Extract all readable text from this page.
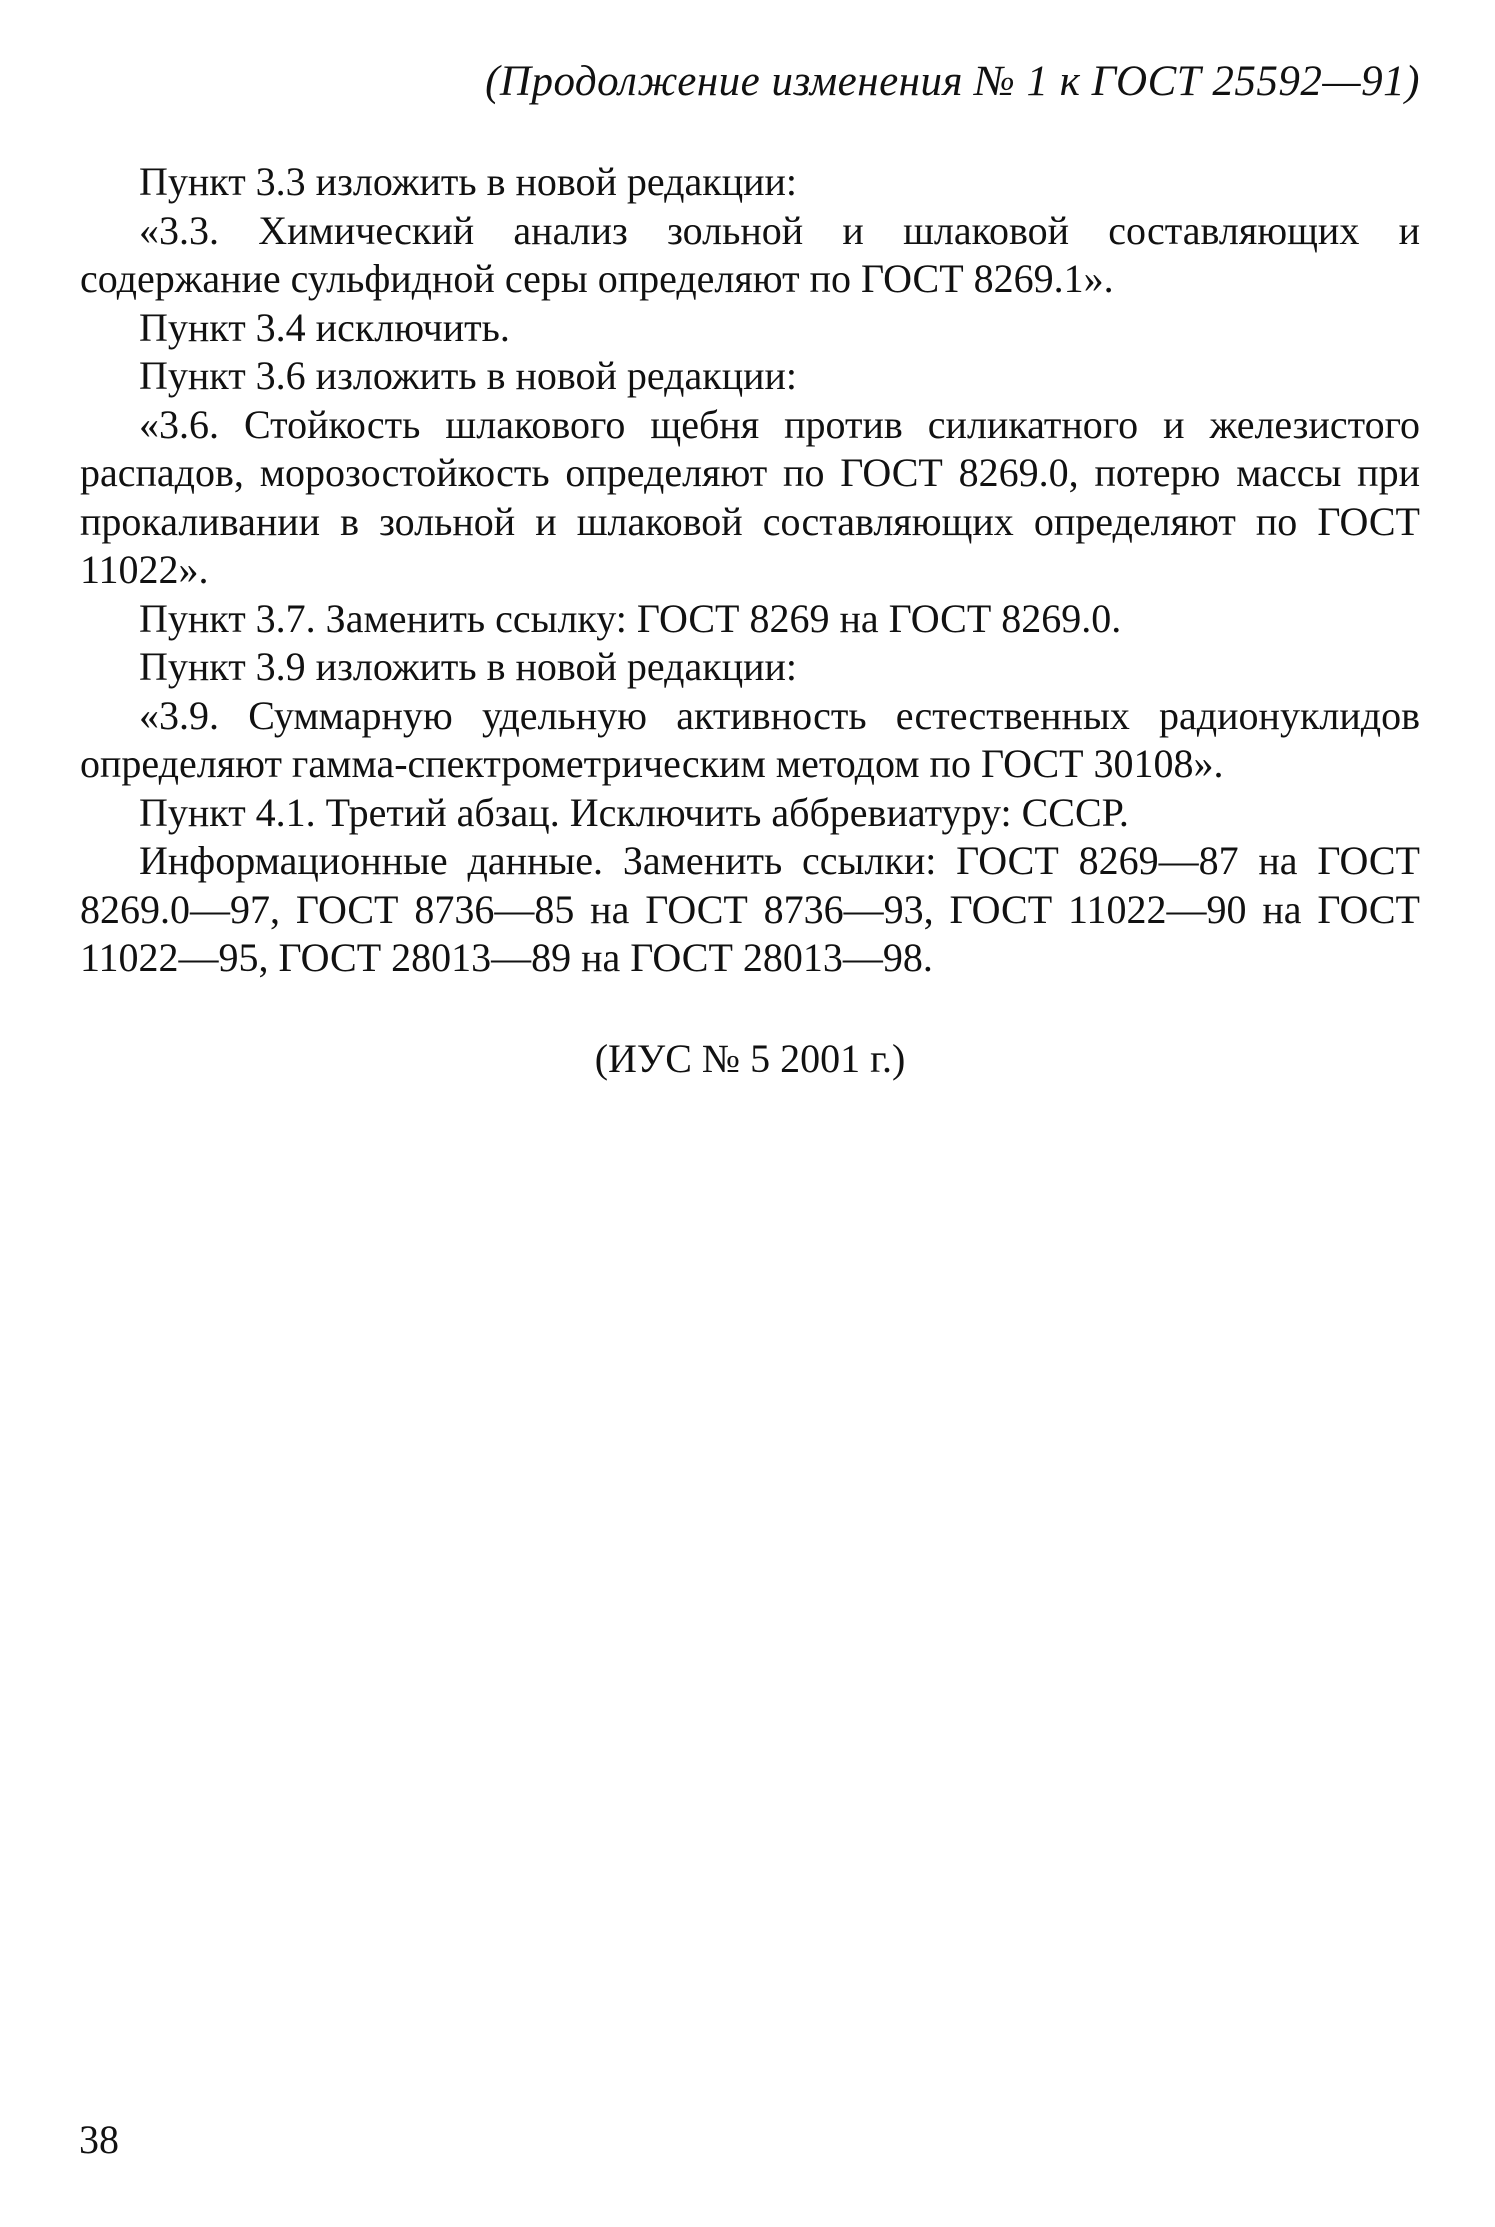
(Продолжение изменения № 1 к ГОСТ 25592—91)

Пункт 3.3 изложить в новой редакции:

«3.3. Химический анализ зольной и шлаковой составляющих и содержание сульфидной серы определяют по ГОСТ 8269.1».

Пункт 3.4 исключить.

Пункт 3.6 изложить в новой редакции:

«3.6. Стойкость шлакового щебня против силикатного и железистого распадов, морозостойкость определяют по ГОСТ 8269.0, потерю массы при прокаливании в зольной и шлаковой составляющих определяют по ГОСТ 11022».

Пункт 3.7. Заменить ссылку: ГОСТ 8269 на ГОСТ 8269.0.

Пункт 3.9 изложить в новой редакции:

«3.9. Суммарную удельную активность естественных радионуклидов определяют гамма-спектрометрическим методом по ГОСТ 30108».

Пункт 4.1. Третий абзац. Исключить аббревиатуру: СССР.

Информационные данные. Заменить ссылки: ГОСТ 8269—87 на ГОСТ 8269.0—97, ГОСТ 8736—85 на ГОСТ 8736—93, ГОСТ 11022—90 на ГОСТ 11022—95, ГОСТ 28013—89 на ГОСТ 28013—98.

(ИУС № 5 2001 г.)
38
